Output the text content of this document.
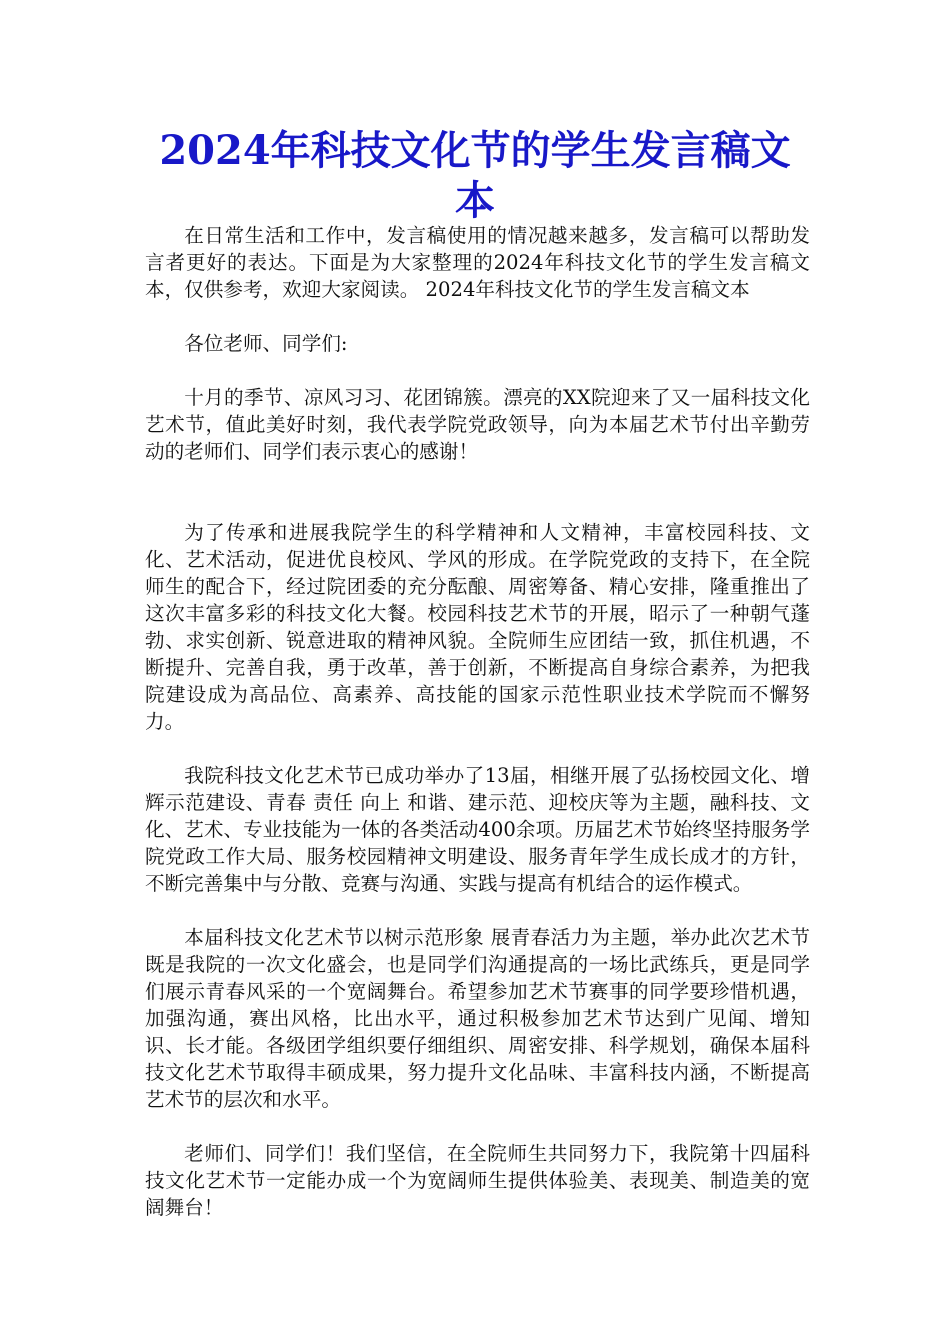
2024年科技文化节的学生发言稿文本

在日常生活和工作中，发言稿使用的情况越来越多，发言稿可以帮助发言者更好的表达。下面是为大家整理的2024年科技文化节的学生发言稿文本，仅供参考，欢迎大家阅读。 2024年科技文化节的学生发言稿文本

各位老师、同学们:

十月的季节、凉风习习、花团锦簇。漂亮的XX院迎来了又一届科技文化艺术节，值此美好时刻，我代表学院党政领导，向为本届艺术节付出辛勤劳动的老师们、同学们表示衷心的感谢！

为了传承和进展我院学生的科学精神和人文精神，丰富校园科技、文化、艺术活动，促进优良校风、学风的形成。在学院党政的支持下，在全院师生的配合下，经过院团委的充分酝酿、周密筹备、精心安排，隆重推出了这次丰富多彩的科技文化大餐。校园科技艺术节的开展，昭示了一种朝气蓬勃、求实创新、锐意进取的精神风貌。全院师生应团结一致，抓住机遇，不断提升、完善自我，勇于改革，善于创新，不断提高自身综合素养，为把我院建设成为高品位、高素养、高技能的国家示范性职业技术学院而不懈努力。

我院科技文化艺术节已成功举办了13届，相继开展了弘扬校园文化、增辉示范建设、青春 责任 向上 和谐、建示范、迎校庆等为主题，融科技、文化、艺术、专业技能为一体的各类活动400余项。历届艺术节始终坚持服务学院党政工作大局、服务校园精神文明建设、服务青年学生成长成才的方针，不断完善集中与分散、竞赛与沟通、实践与提高有机结合的运作模式。

本届科技文化艺术节以树示范形象 展青春活力为主题，举办此次艺术节既是我院的一次文化盛会，也是同学们沟通提高的一场比武练兵，更是同学们展示青春风采的一个宽阔舞台。希望参加艺术节赛事的同学要珍惜机遇，加强沟通，赛出风格，比出水平，通过积极参加艺术节达到广见闻、增知识、长才能。各级团学组织要仔细组织、周密安排、科学规划，确保本届科技文化艺术节取得丰硕成果，努力提升文化品味、丰富科技内涵，不断提高艺术节的层次和水平。

老师们、同学们！我们坚信，在全院师生共同努力下，我院第十四届科技文化艺术节一定能办成一个为宽阔师生提供体验美、表现美、制造美的宽阔舞台！
